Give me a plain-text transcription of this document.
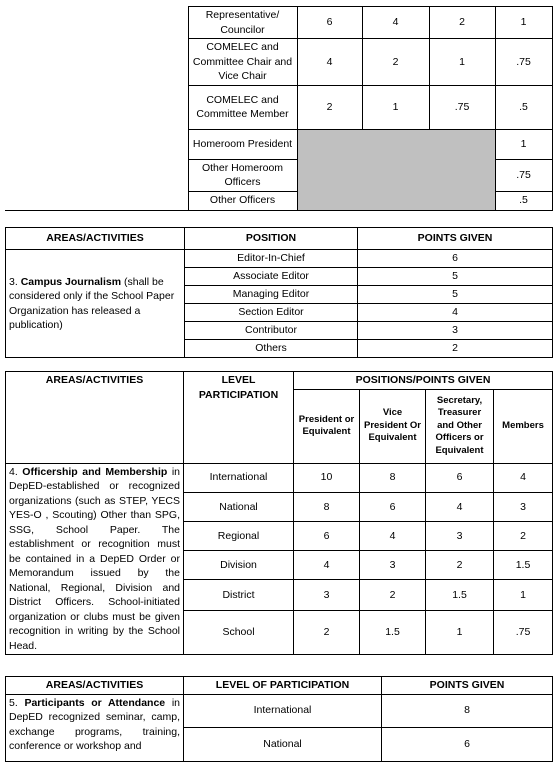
	Representative/ Councilor	6	4	2	1
	COMELEC and Committee Chair and Vice Chair	4	2	1	.75
	COMELEC and Committee Member	2	1	.75	.5
	Homeroom President				1
	Other Homeroom Officers				.75
	Other Officers				.5
AREAS/ACTIVITIES	POSITION	POINTS GIVEN
3. Campus Journalism (shall be considered only if the School Paper Organization has released a publication)	Editor-In-Chief	6
	Associate Editor	5
	Managing Editor	5
	Section Editor	4
	Contributor	3
	Others	2
AREAS/ACTIVITIES	LEVEL PARTICIPATION	POSITIONS/POINTS GIVEN			
		President or Equivalent	Vice President Or Equivalent	Secretary, Treasurer and Other Officers or Equivalent	Members
4. Officership and Membership in DepED-established or recognized organizations (such as STEP, YECS YES-O , Scouting) Other than SPG, SSG, School Paper. The establishment or recognition must be contained in a DepED Order or Memorandum issued by the National, Regional, Division and District Officers. School-initiated organization or clubs must be given recognition in writing by the School Head.	International	10	8	6	4
	National	8	6	4	3
	Regional	6	4	3	2
	Division	4	3	2	1.5
	District	3	2	1.5	1
	School	2	1.5	1	.75
AREAS/ACTIVITIES	LEVEL OF PARTICIPATION	POINTS GIVEN
5. Participants or Attendance in DepED recognized seminar, camp, exchange programs, training, conference or workshop and	International	8
	National	6
